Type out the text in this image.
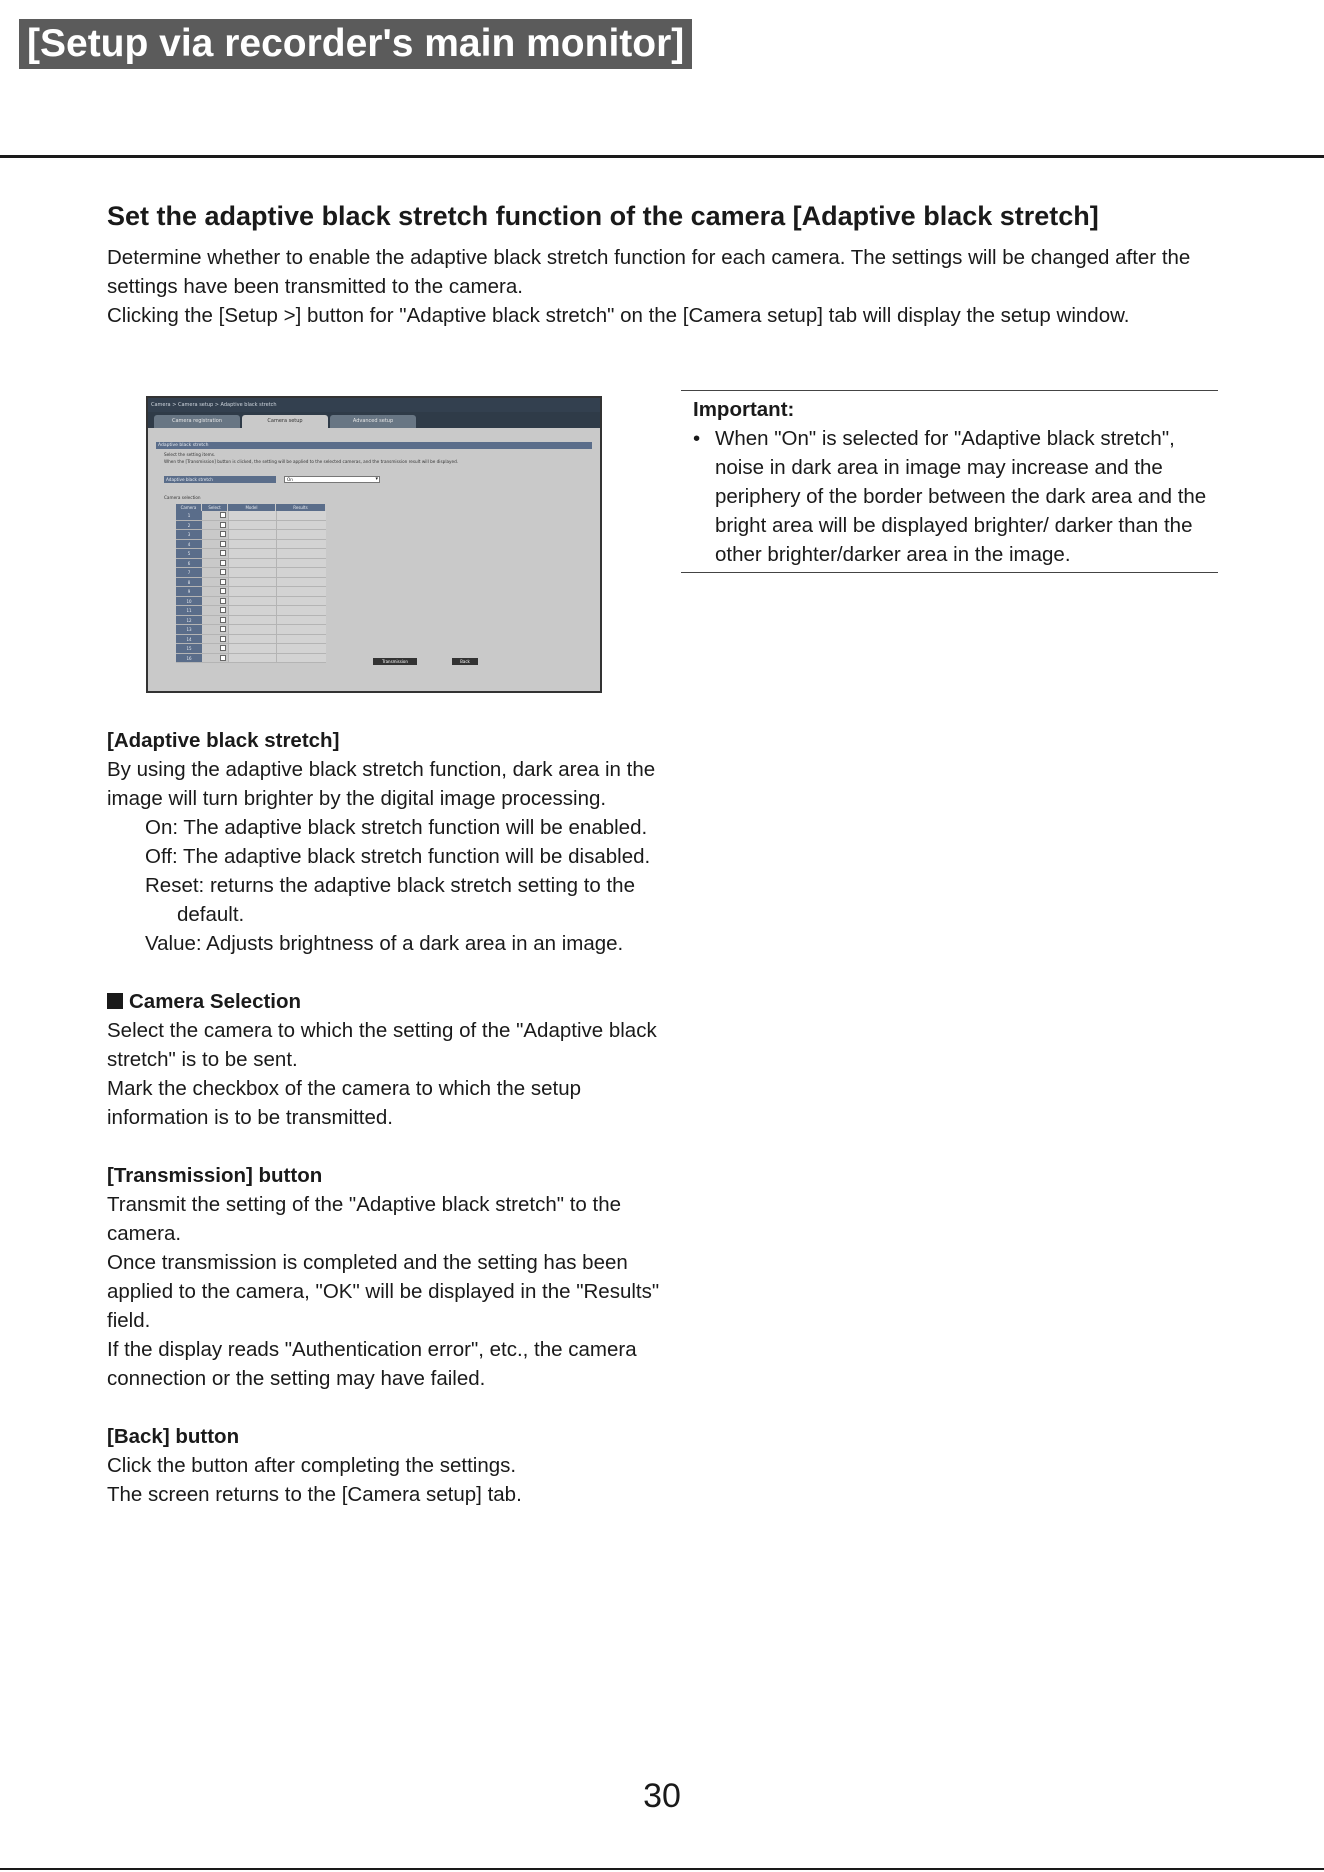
[Setup via recorder's main monitor]
Set the adaptive black stretch function of the camera [Adaptive black stretch]

Determine whether to enable the adaptive black stretch function for each camera. The settings will be changed after the settings have been transmitted to the camera.

Clicking the [Setup >] button for "Adaptive black stretch" on the [Camera setup] tab will display the setup window.

Camera > Camera setup > Adaptive black stretch
Camera registration	Camera setup	Advanced setup
Adaptive black stretch
Select the setting items.
When the [Transmission] button is clicked, the setting will be applied to the selected cameras, and the transmission result will be displayed.
Adaptive black stretch	On	▾
Camera selection
Camera	Select	Model	Results
1
2
3
4
5
6
7
8
9
10
11
12
13
14
15
16
Transmission	Back
Important:
• When "On" is selected for "Adaptive black stretch", noise in dark area in image may increase and the periphery of the border between the dark area and the bright area will be displayed brighter/ darker than the other brighter/darker area in the image.

[Adaptive black stretch]

By using the adaptive black stretch function, dark area in the image will turn brighter by the digital image processing.

On: The adaptive black stretch function will be enabled.

Off: The adaptive black stretch function will be disabled.

Reset: returns the adaptive black stretch setting to the default.

Value: Adjusts brightness of a dark area in an image.

Camera Selection

Select the camera to which the setting of the "Adaptive black stretch" is to be sent.

Mark the checkbox of the camera to which the setup information is to be transmitted.

[Transmission] button

Transmit the setting of the "Adaptive black stretch" to the camera.

Once transmission is completed and the setting has been applied to the camera, "OK" will be displayed in the "Results" field.

If the display reads "Authentication error", etc., the camera connection or the setting may have failed.

[Back] button

Click the button after completing the settings.

The screen returns to the [Camera setup] tab.

30
